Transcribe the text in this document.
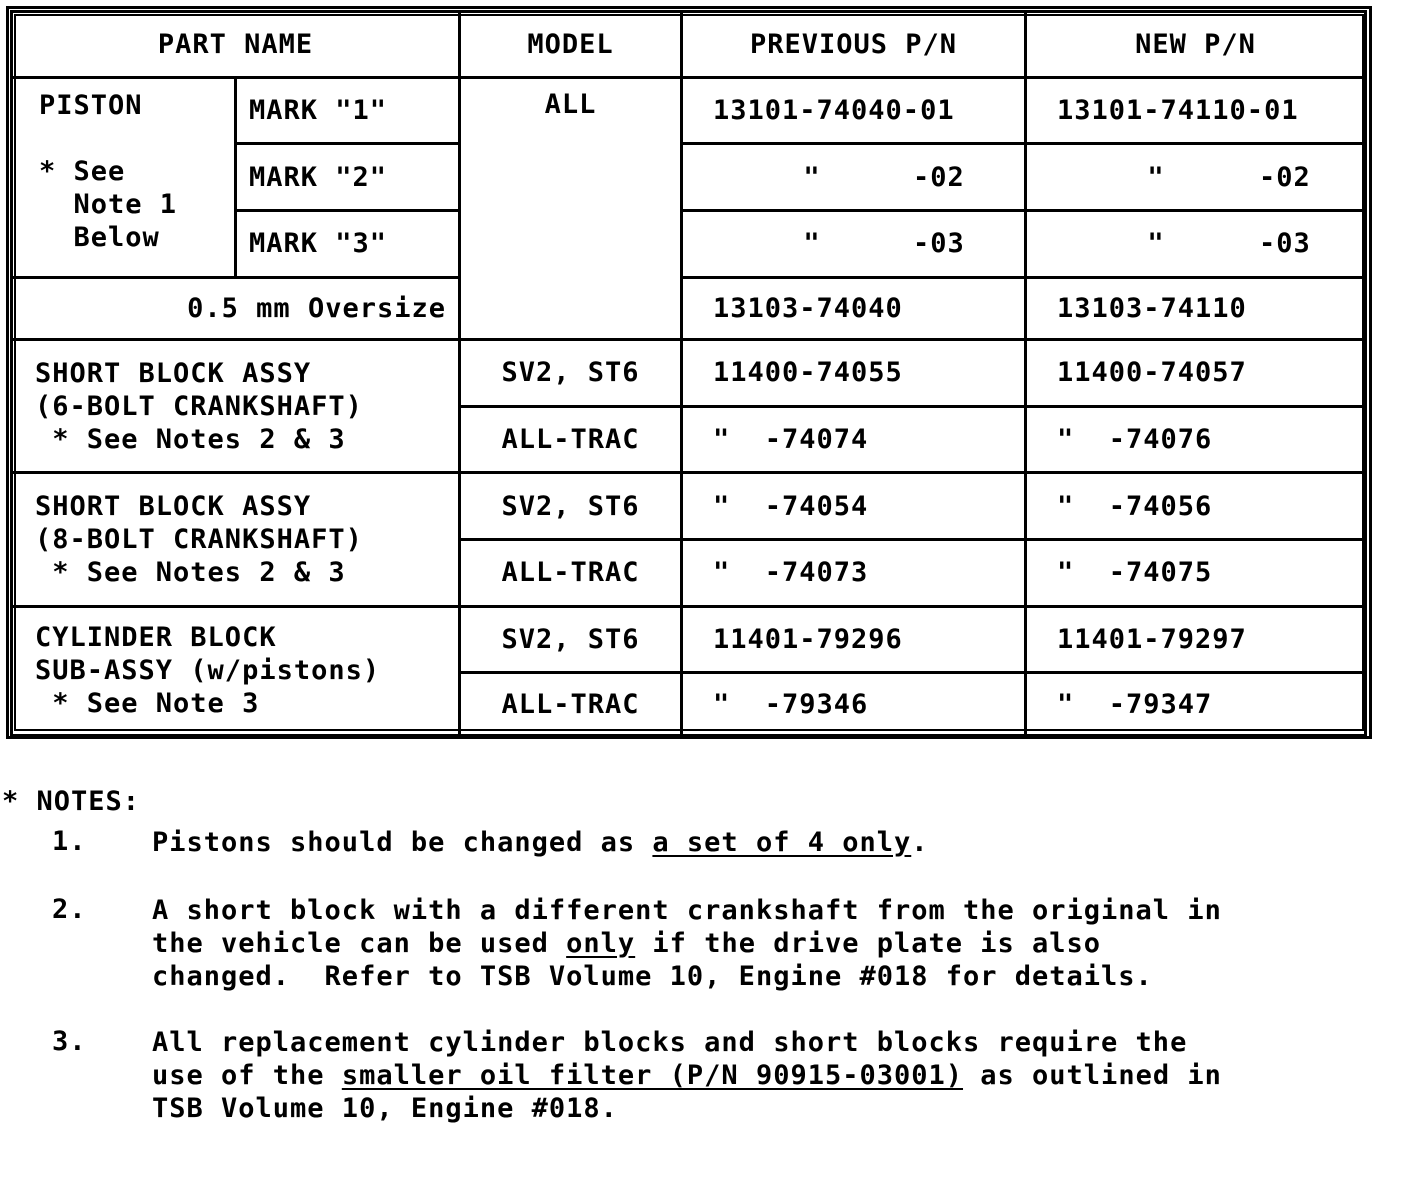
PART NAME		MODEL	PREVIOUS P/N	NEW P/N

PISTON
* See
Note 1
Below	MARK "1"	ALL	13101-74040-01	13101-74110-01
	MARK "2"		" -02	" -02
	MARK "3"		" -03	" -03
0.5 mm Oversize			13103-74040	13103-74110

SHORT BLOCK ASSY
(6-BOLT CRANKSHAFT)
* See Notes 2 & 3		SV2, ST6	11400-74055	11400-74057
		ALL-TRAC	"  -74074	"  -74076

SHORT BLOCK ASSY
(8-BOLT CRANKSHAFT)
* See Notes 2 & 3		SV2, ST6	"  -74054	"  -74056
		ALL-TRAC	"  -74073	"  -74075

CYLINDER BLOCK
SUB-ASSY (w/pistons)
* See Note 3		SV2, ST6	11401-79296	11401-79297
		ALL-TRAC	"  -79346	"  -79347
* NOTES:
1. Pistons should be changed as a set of 4 only.
2. A short block with a different crankshaft from the original in
the vehicle can be used only if the drive plate is also
changed.  Refer to TSB Volume 10, Engine #018 for details.
3. All replacement cylinder blocks and short blocks require the
use of the smaller oil filter (P/N 90915-03001) as outlined in
TSB Volume 10, Engine #018.
